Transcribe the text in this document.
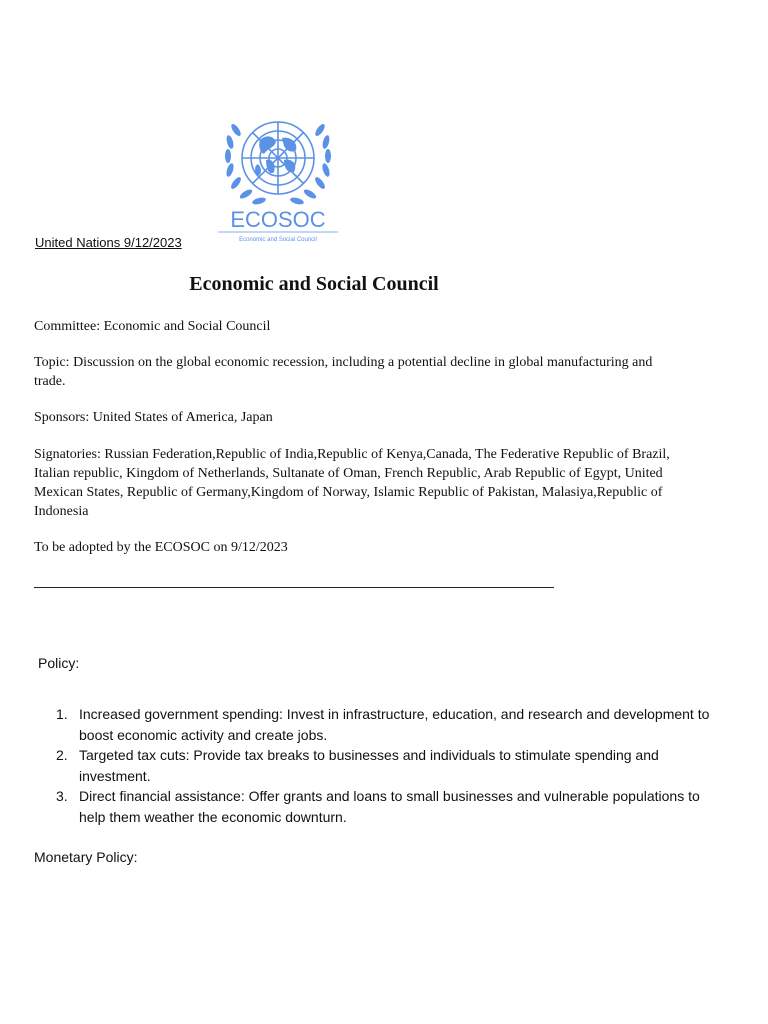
ECOSOC
Economic and Social Council
United Nations 9/12/2023
Economic and Social Council
Committee: Economic and Social Council
Topic: Discussion on the global economic recession, including a potential decline in global manufacturing and trade.
Sponsors: United States of America, Japan
Signatories: Russian Federation,Republic of India,Republic of Kenya,Canada, The Federative Republic of Brazil, Italian republic, Kingdom of Netherlands, Sultanate of Oman, French Republic, Arab Republic of Egypt, United Mexican States, Republic of Germany,Kingdom of Norway, Islamic Republic of Pakistan, Malasiya,Republic of Indonesia
To be adopted by the ECOSOC on 9/12/2023
Policy:
1. Increased government spending: Invest in infrastructure, education, and research and development to boost economic activity and create jobs.
2. Targeted tax cuts: Provide tax breaks to businesses and individuals to stimulate spending and investment.
3. Direct financial assistance: Offer grants and loans to small businesses and vulnerable populations to help them weather the economic downturn.
Monetary Policy:
